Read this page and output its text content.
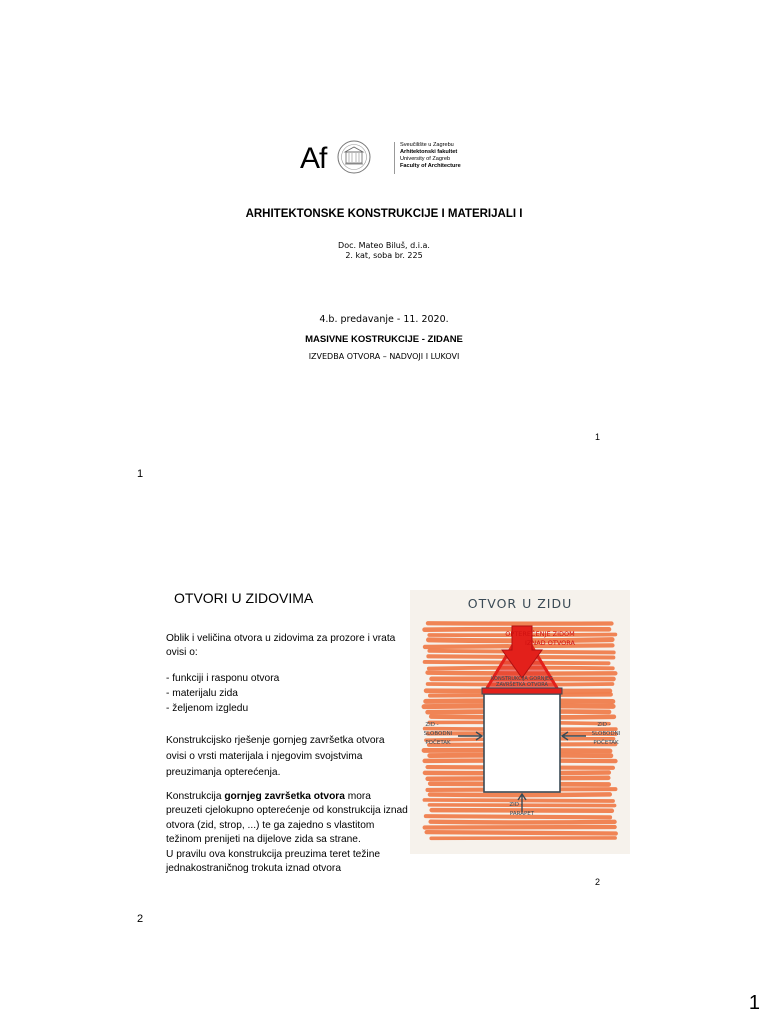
Af	Sveučilište u Zagrebu
Arhitektonski fakultet
University of Zagreb
Faculty of Architecture
ARHITEKTONSKE KONSTRUKCIJE I MATERIJALI I
Doc. Mateo Biluš, d.i.a.
2. kat, soba br. 225
4.b. predavanje - 11. 2020.
MASIVNE KOSTRUKCIJE - ZIDANE
IZVEDBA OTVORA – NADVOJI I LUKOVI
1
1
OTVORI U ZIDOVIMA
Oblik i veličina otvora u zidovima za prozore i vrata ovisi o:
- funkciji i rasponu otvora
- materijalu zida
- željenom izgledu
Konstrukcijsko rješenje gornjeg završetka otvora ovisi o vrsti materijala i njegovim svojstvima preuzimanja opterećenja.
Konstrukcija gornjeg završetka otvora mora preuzeti cjelokupno opterećenje od konstrukcija iznad otvora (zid, strop, ...) te ga zajedno s vlastitom težinom prenijeti na dijelove zida sa strane.
U pravilu ova konstrukcija preuzima teret težine jednakostraničnog trokuta iznad otvora
OTVOR U ZIDU
OPTEREĆENJE ZIDOM
IZNAD OTVORA
KONSTRUKCIJA GORNJEG
ZAVRŠETKA OTVORA
ZID -
SLOBODNI
POČETAK
ZID -
SLOBODNI
POČETAK
ZID -
PARAPET
2
2
1
